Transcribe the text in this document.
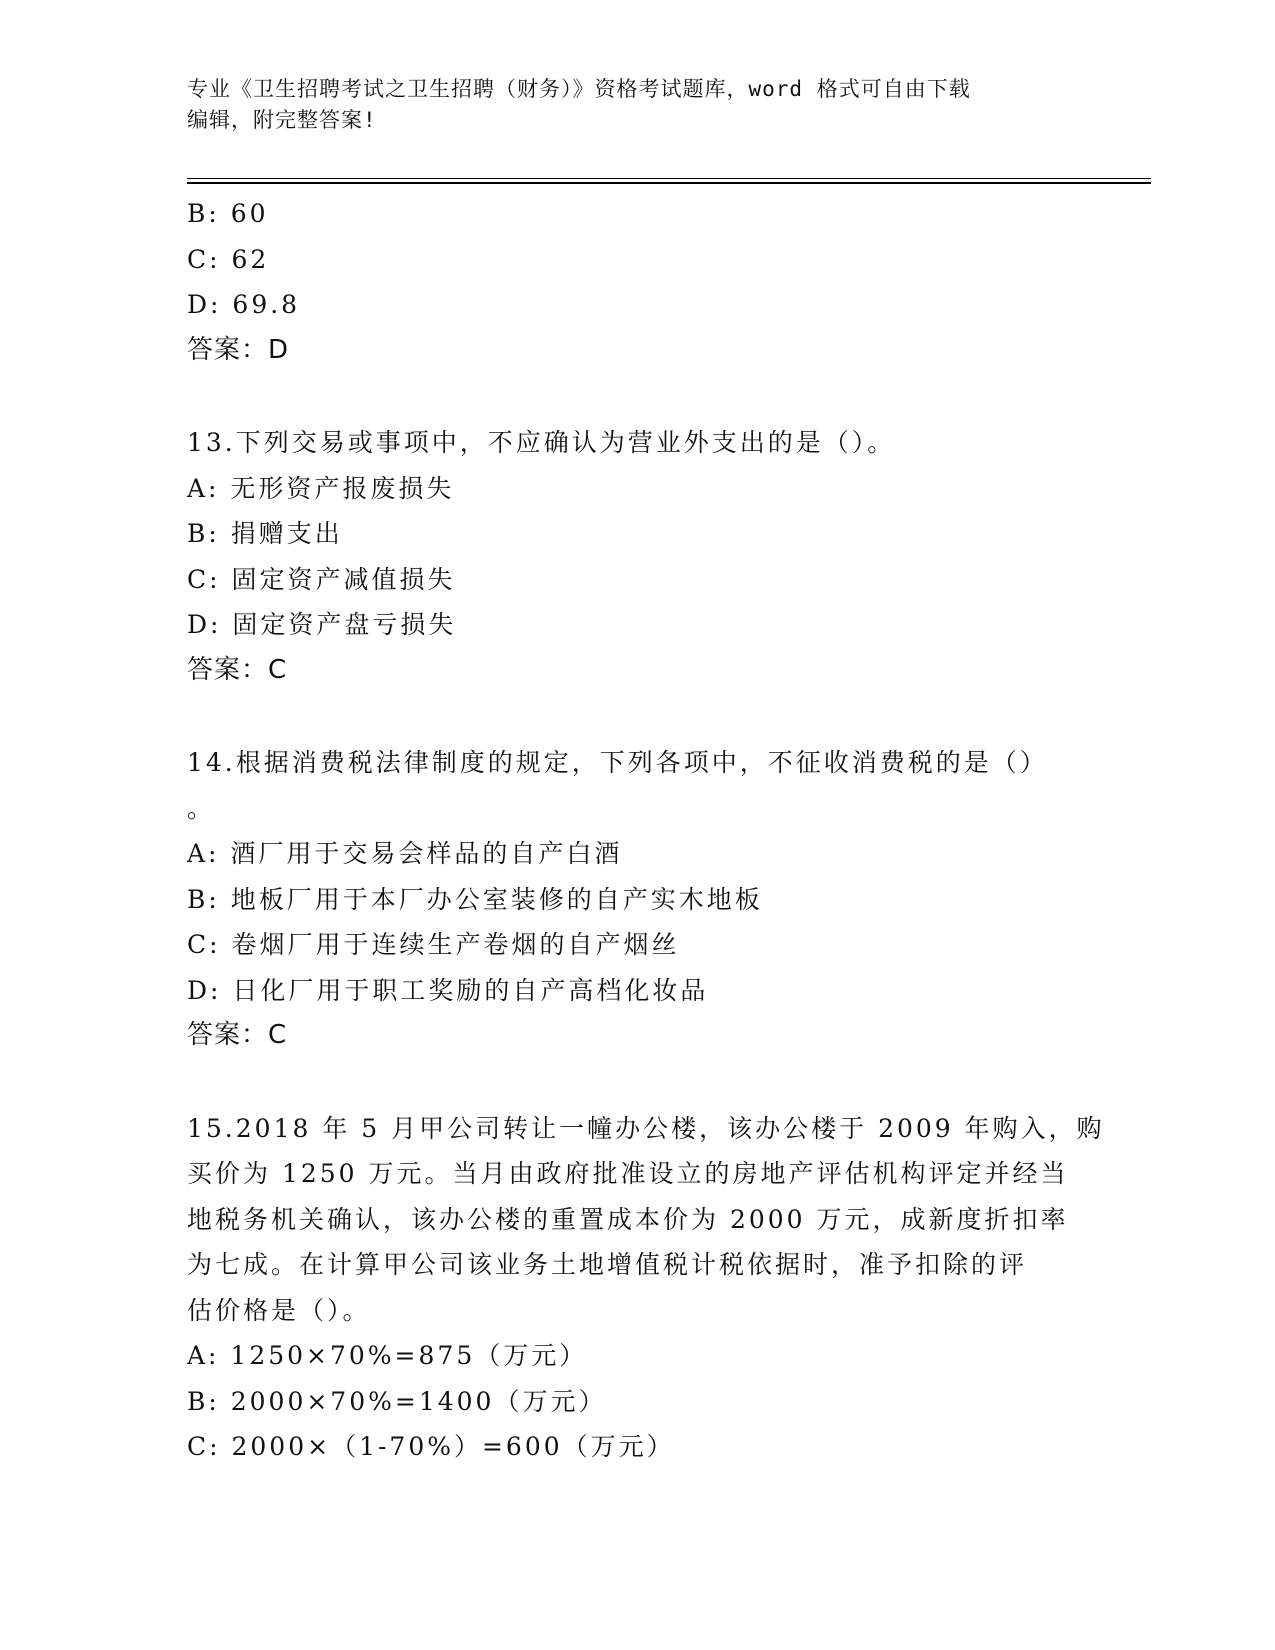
专业《卫生招聘考试之卫生招聘（财务）》资格考试题库，word 格式可自由下载
编辑，附完整答案!
B: 60
C: 62
D: 69.8
答案：D
13.下列交易或事项中，不应确认为营业外支出的是（）。
A: 无形资产报废损失
B: 捐赠支出
C: 固定资产减值损失
D: 固定资产盘亏损失
答案：C
14.根据消费税法律制度的规定，下列各项中，不征收消费税的是（）
。
A: 酒厂用于交易会样品的自产白酒
B: 地板厂用于本厂办公室装修的自产实木地板
C: 卷烟厂用于连续生产卷烟的自产烟丝
D: 日化厂用于职工奖励的自产高档化妆品
答案：C
15.2018 年 5 月甲公司转让一幢办公楼，该办公楼于 2009 年购入，购
买价为 1250 万元。当月由政府批准设立的房地产评估机构评定并经当
地税务机关确认，该办公楼的重置成本价为 2000 万元，成新度折扣率
为七成。在计算甲公司该业务土地增值税计税依据时，准予扣除的评
估价格是（）。
A: 1250×70%=875（万元）
B: 2000×70%=1400（万元）
C: 2000×（1-70%）=600（万元）
